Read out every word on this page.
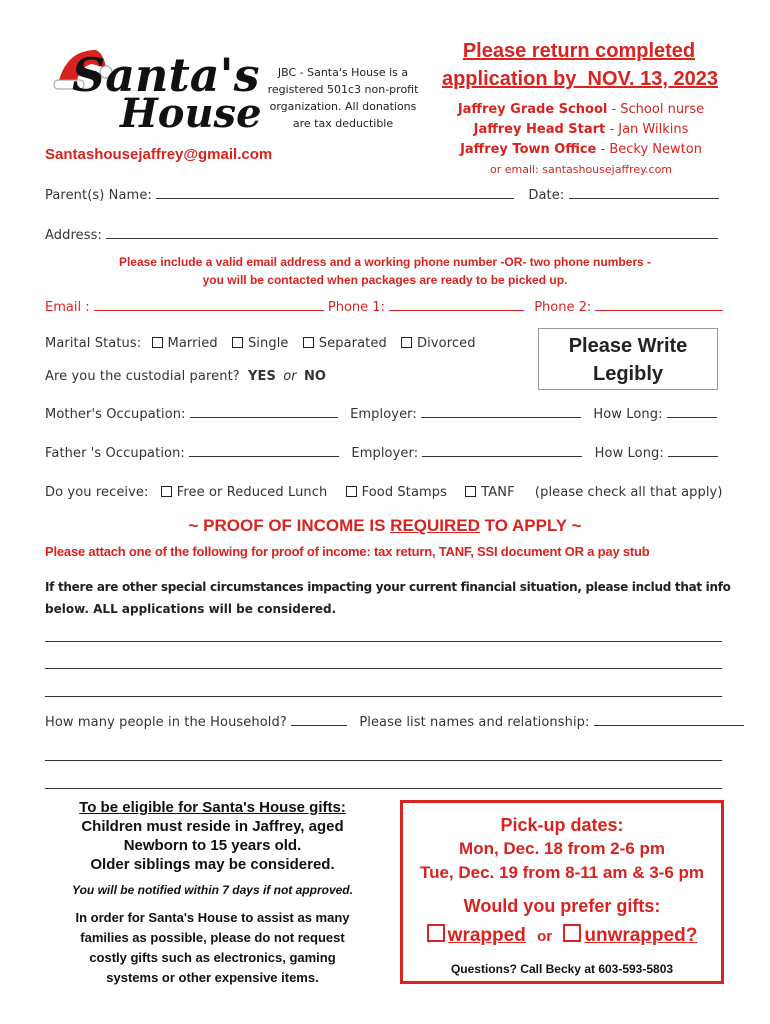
Santa's
House
Santashousejaffrey@gmail.com
JBC - Santa's House is a registered 501c3 non-profit organization. All donations are tax deductible
Please return completed
application by  NOV. 13, 2023
Jaffrey Grade School - School nurse
Jaffrey Head Start - Jan Wilkins
Jaffrey Town Office - Becky Newton
or email: santashousejaffrey.com
Parent(s) Name:	Date:
Address:
Please include a valid email address and a working phone number -OR- two phone numbers -
you will be contacted when packages are ready to be picked up.
Email :	Phone 1:	Phone 2:
Marital Status: Married Single Separated Divorced
Are you the custodial parent? YES or NO
Please Write
Legibly
Mother's Occupation:	Employer:	How Long:
Father 's Occupation:	Employer:	How Long:
Do you receive: Free or Reduced Lunch	Food Stamps	TANF (please check all that apply)
~ PROOF OF INCOME IS REQUIRED TO APPLY ~
Please attach one of the following for proof of income: tax return, TANF, SSI document OR a pay stub
If there are other special circumstances impacting your current financial situation, please includ that info
below. ALL applications will be considered.
How many people in the Household?	Please list names and relationship:
To be eligible for Santa's House gifts:
Children must reside in Jaffrey, aged
Newborn to 15 years old.
Older siblings may be considered.
You will be notified within 7 days if not approved.
In order for Santa's House to assist as many
families as possible, please do not request
costly gifts such as electronics, gaming
systems or other expensive items.
Pick-up dates:
Mon, Dec. 18 from 2-6 pm
Tue, Dec. 19 from 8-11 am & 3-6 pm
Would you prefer gifts:
wrapped or unwrapped?
Questions? Call Becky at 603-593-5803
